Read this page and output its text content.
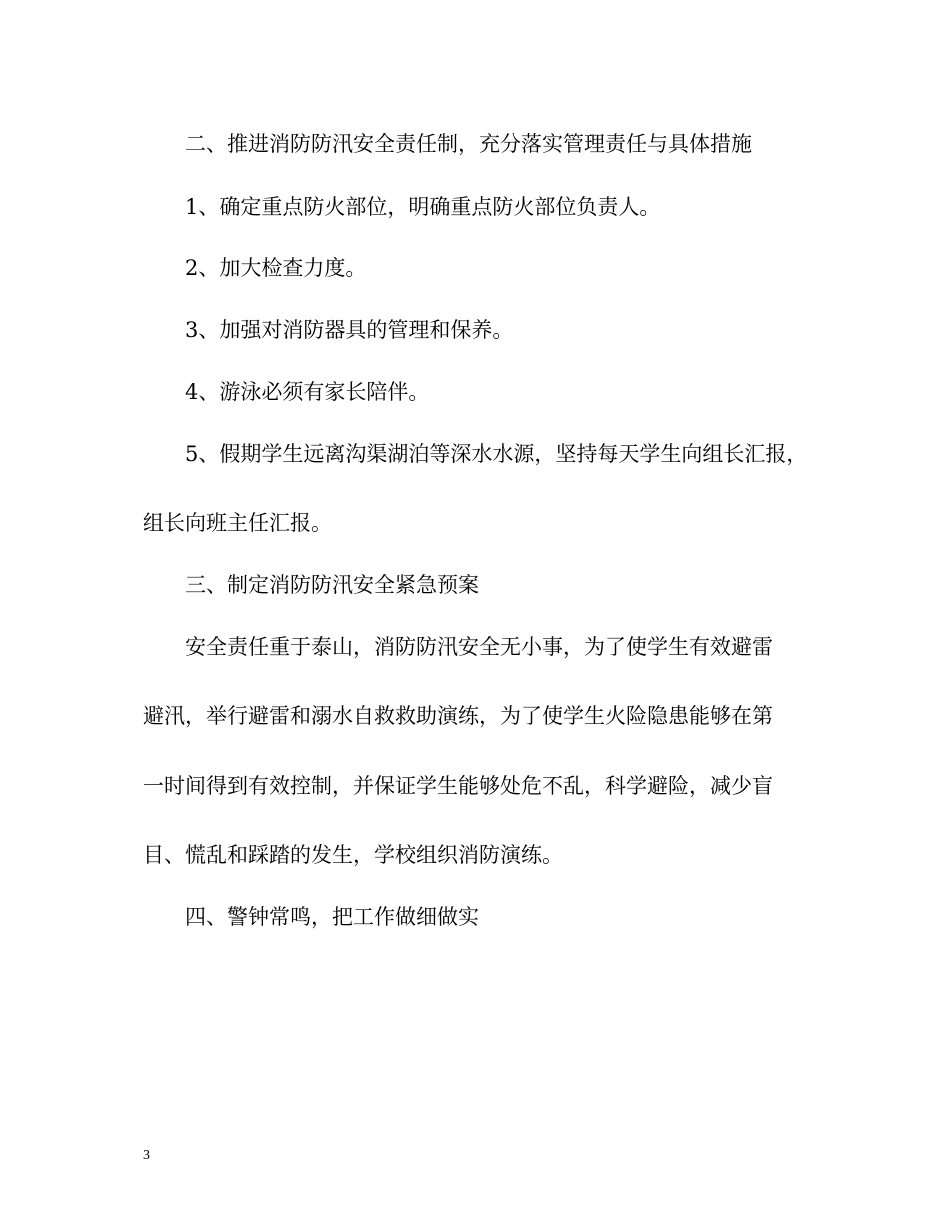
二、推进消防防汛安全责任制，充分落实管理责任与具体措施
1、确定重点防火部位，明确重点防火部位负责人。
2、加大检查力度。
3、加强对消防器具的管理和保养。
4、游泳必须有家长陪伴。
5、假期学生远离沟渠湖泊等深水水源，坚持每天学生向组长汇报，
组长向班主任汇报。
三、制定消防防汛安全紧急预案
安全责任重于泰山，消防防汛安全无小事，为了使学生有效避雷
避汛，举行避雷和溺水自救救助演练，为了使学生火险隐患能够在第
一时间得到有效控制，并保证学生能够处危不乱，科学避险，减少盲
目、慌乱和踩踏的发生，学校组织消防演练。
四、警钟常鸣，把工作做细做实
3
